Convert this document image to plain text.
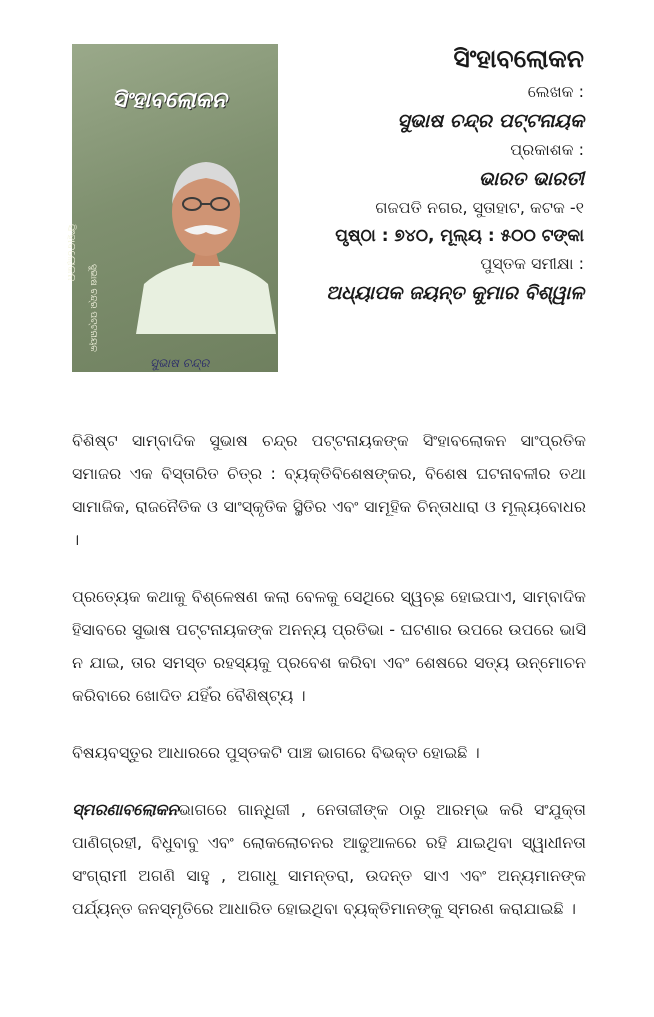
ସିଂହାବଲୋକନ
ସିଂହାବଲୋକନ
ସୁଭାଷ ଚନ୍ଦ୍ର ପଟ୍ଟନାୟକ
ସୁଭାଷ ଚନ୍ଦ୍ର
ସିଂହାବଲୋକନ
ଲେଖକ :
ସୁଭାଷ ଚନ୍ଦ୍ର ପଟ୍ଟନାୟକ
ପ୍ରକାଶକ :
ଭାରତ ଭାରତୀ
ଗଜପତି ନଗର, ସୁତାହାଟ, କଟକ -୧
ପୃଷ୍ଠା : ୭୪୦, ମୂଲ୍ୟ : ୫୦୦ ଟଙ୍କା
ପୁସ୍ତକ ସମୀକ୍ଷା :
ଅଧ୍ୟାପକ ଜୟନ୍ତ କୁମାର ବିଶ୍ୱାଳ

ବିଶିଷ୍ଟ ସାମ୍ବାଦିକ ସୁଭାଷ ଚନ୍ଦ୍ର ପଟ୍ଟନାୟକଙ୍କ ସିଂହାବଲୋକନ ସାଂପ୍ରତିକ ସମାଜର ଏକ ବିସ୍ତାରିତ ଚିତ୍ର : ବ୍ୟକ୍ତିବିଶେଷଙ୍କର, ବିଶେଷ ଘଟନାବଳୀର ତଥା ସାମାଜିକ, ରାଜନୈତିକ ଓ ସାଂସ୍କୃତିକ ସ୍ଥିତିର ଏବଂ ସାମୂହିକ ଚିନ୍ତାଧାରା ଓ ମୂଲ୍ୟବୋଧର ।

ପ୍ରତ୍ୟେକ କଥାକୁ ବିଶ୍ଳେଷଣ କଲା ବେଳକୁ ସେଥିରେ ସ୍ୱଚ୍ଛ ହୋଇପାଏ, ସାମ୍ବାଦିକ ହିସାବରେ ସୁଭାଷ ପଟ୍ଟନାୟକଙ୍କ ଅନନ୍ୟ ପ୍ରତିଭା - ଘଟଣାର ଉପରେ ଉପରେ ଭାସି ନ ଯାଇ, ତାର ସମସ୍ତ ରହସ୍ୟକୁ ପ୍ରବେଶ କରିବା ଏବଂ ଶେଷରେ ସତ୍ୟ ଉନ୍ମୋଚନ କରିବାରେ ଖୋଦିତ ଯହିଁର ବୈଶିଷ୍ଟ୍ୟ ।

ବିଷୟବସ୍ତୁର ଆଧାରରେ ପୁସ୍ତକଟି ପାଞ୍ଚ ଭାଗରେ ବିଭକ୍ତ ହୋଇଛି ।

ସ୍ମରଣାବଲୋକନଭାଗରେ ଗାନ୍ଧିଜୀ , ନେତାଜୀଙ୍କ ଠାରୁ ଆରମ୍ଭ କରି ସଂଯୁକ୍ତା ପାଣିଗ୍ରହୀ, ବିଧୁବାବୁ ଏବଂ ଲୋକଲୋଚନର ଆଢୁଆଳରେ ରହି ଯାଇଥିବା ସ୍ୱାଧୀନତା ସଂଗ୍ରାମୀ ଅଗଣି ସାହୁ , ଅଗାଧୁ ସାମନ୍ତରା, ଉଦନ୍ତ ସାଏ ଏବଂ ଅନ୍ୟମାନଙ୍କ ପର୍ଯ୍ୟନ୍ତ ଜନସ୍ମୃତିରେ ଆଧାରିତ ହୋଇଥିବା ବ୍ୟକ୍ତିମାନଙ୍କୁ ସ୍ମରଣ କରାଯାଇଛି ।
